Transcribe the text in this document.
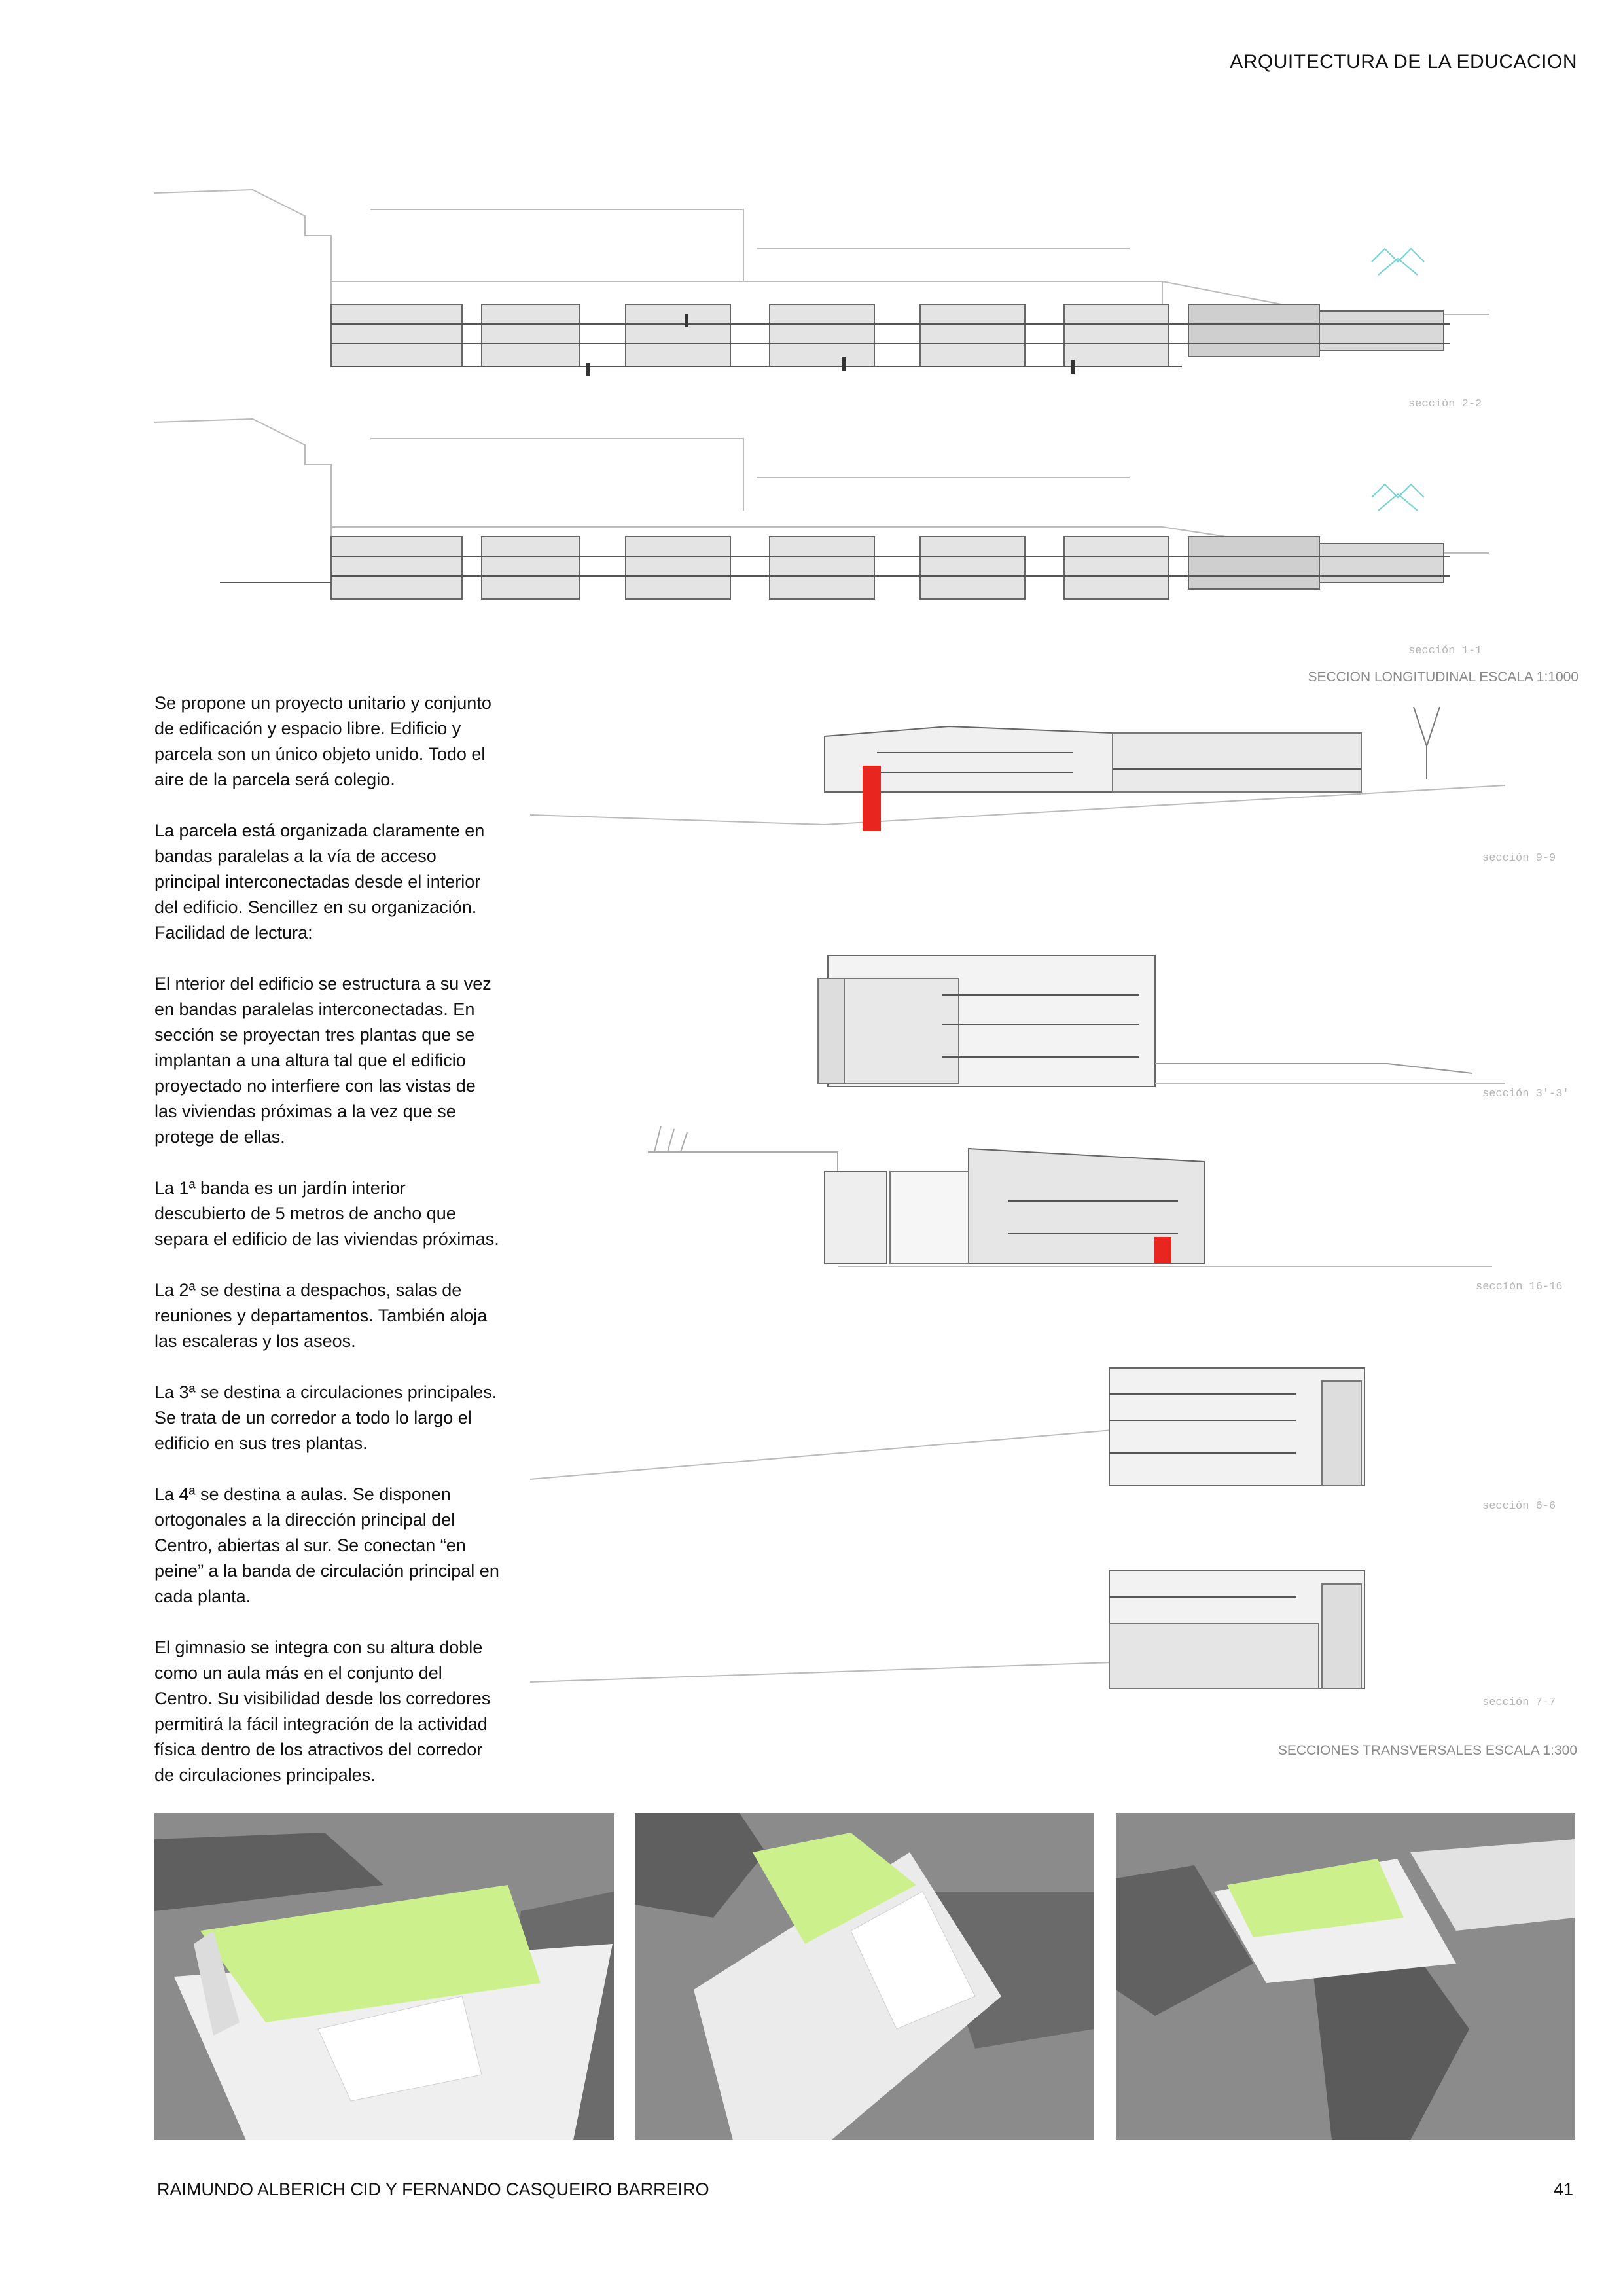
ARQUITECTURA DE LA EDUCACION
sección 2-2
sección 1-1
SECCION LONGITUDINAL ESCALA 1:1000

Se propone un proyecto unitario y conjunto de edificación y espacio libre. Edificio y parcela son un único objeto unido. Todo el aire de la parcela será colegio.

La parcela está organizada claramente en bandas paralelas a la vía de acceso principal interconectadas desde el interior del edificio. Sencillez en su organización. Facilidad de lectura:

El nterior del edificio se estructura a su vez en bandas paralelas interconectadas. En sección se proyectan tres plantas que se implantan a una altura tal que el edificio proyectado no interfiere con las vistas de las viviendas próximas a la vez que se protege de ellas.

La 1ª banda es un jardín interior descubierto de 5 metros de ancho que separa el edificio de las viviendas próximas.

La 2ª se destina a despachos, salas de reuniones y departamentos. También aloja las escaleras y los aseos.

La 3ª se destina a circulaciones principales. Se trata de un corredor a todo lo largo el edificio en sus tres plantas.

La 4ª se destina a aulas. Se disponen ortogonales a la dirección principal del Centro, abiertas al sur. Se conectan “en peine” a la banda de circulación principal en cada planta.

El gimnasio se integra con su altura doble como un aula más en el conjunto del Centro. Su visibilidad desde los corredores permitirá la fácil integración de la actividad física dentro de los atractivos del corredor de circulaciones principales.

sección 9-9
sección 3'-3'
sección 16-16
sección 6-6
sección 7-7
SECCIONES TRANSVERSALES ESCALA 1:300
RAIMUNDO ALBERICH CID Y FERNANDO CASQUEIRO BARREIRO	41
